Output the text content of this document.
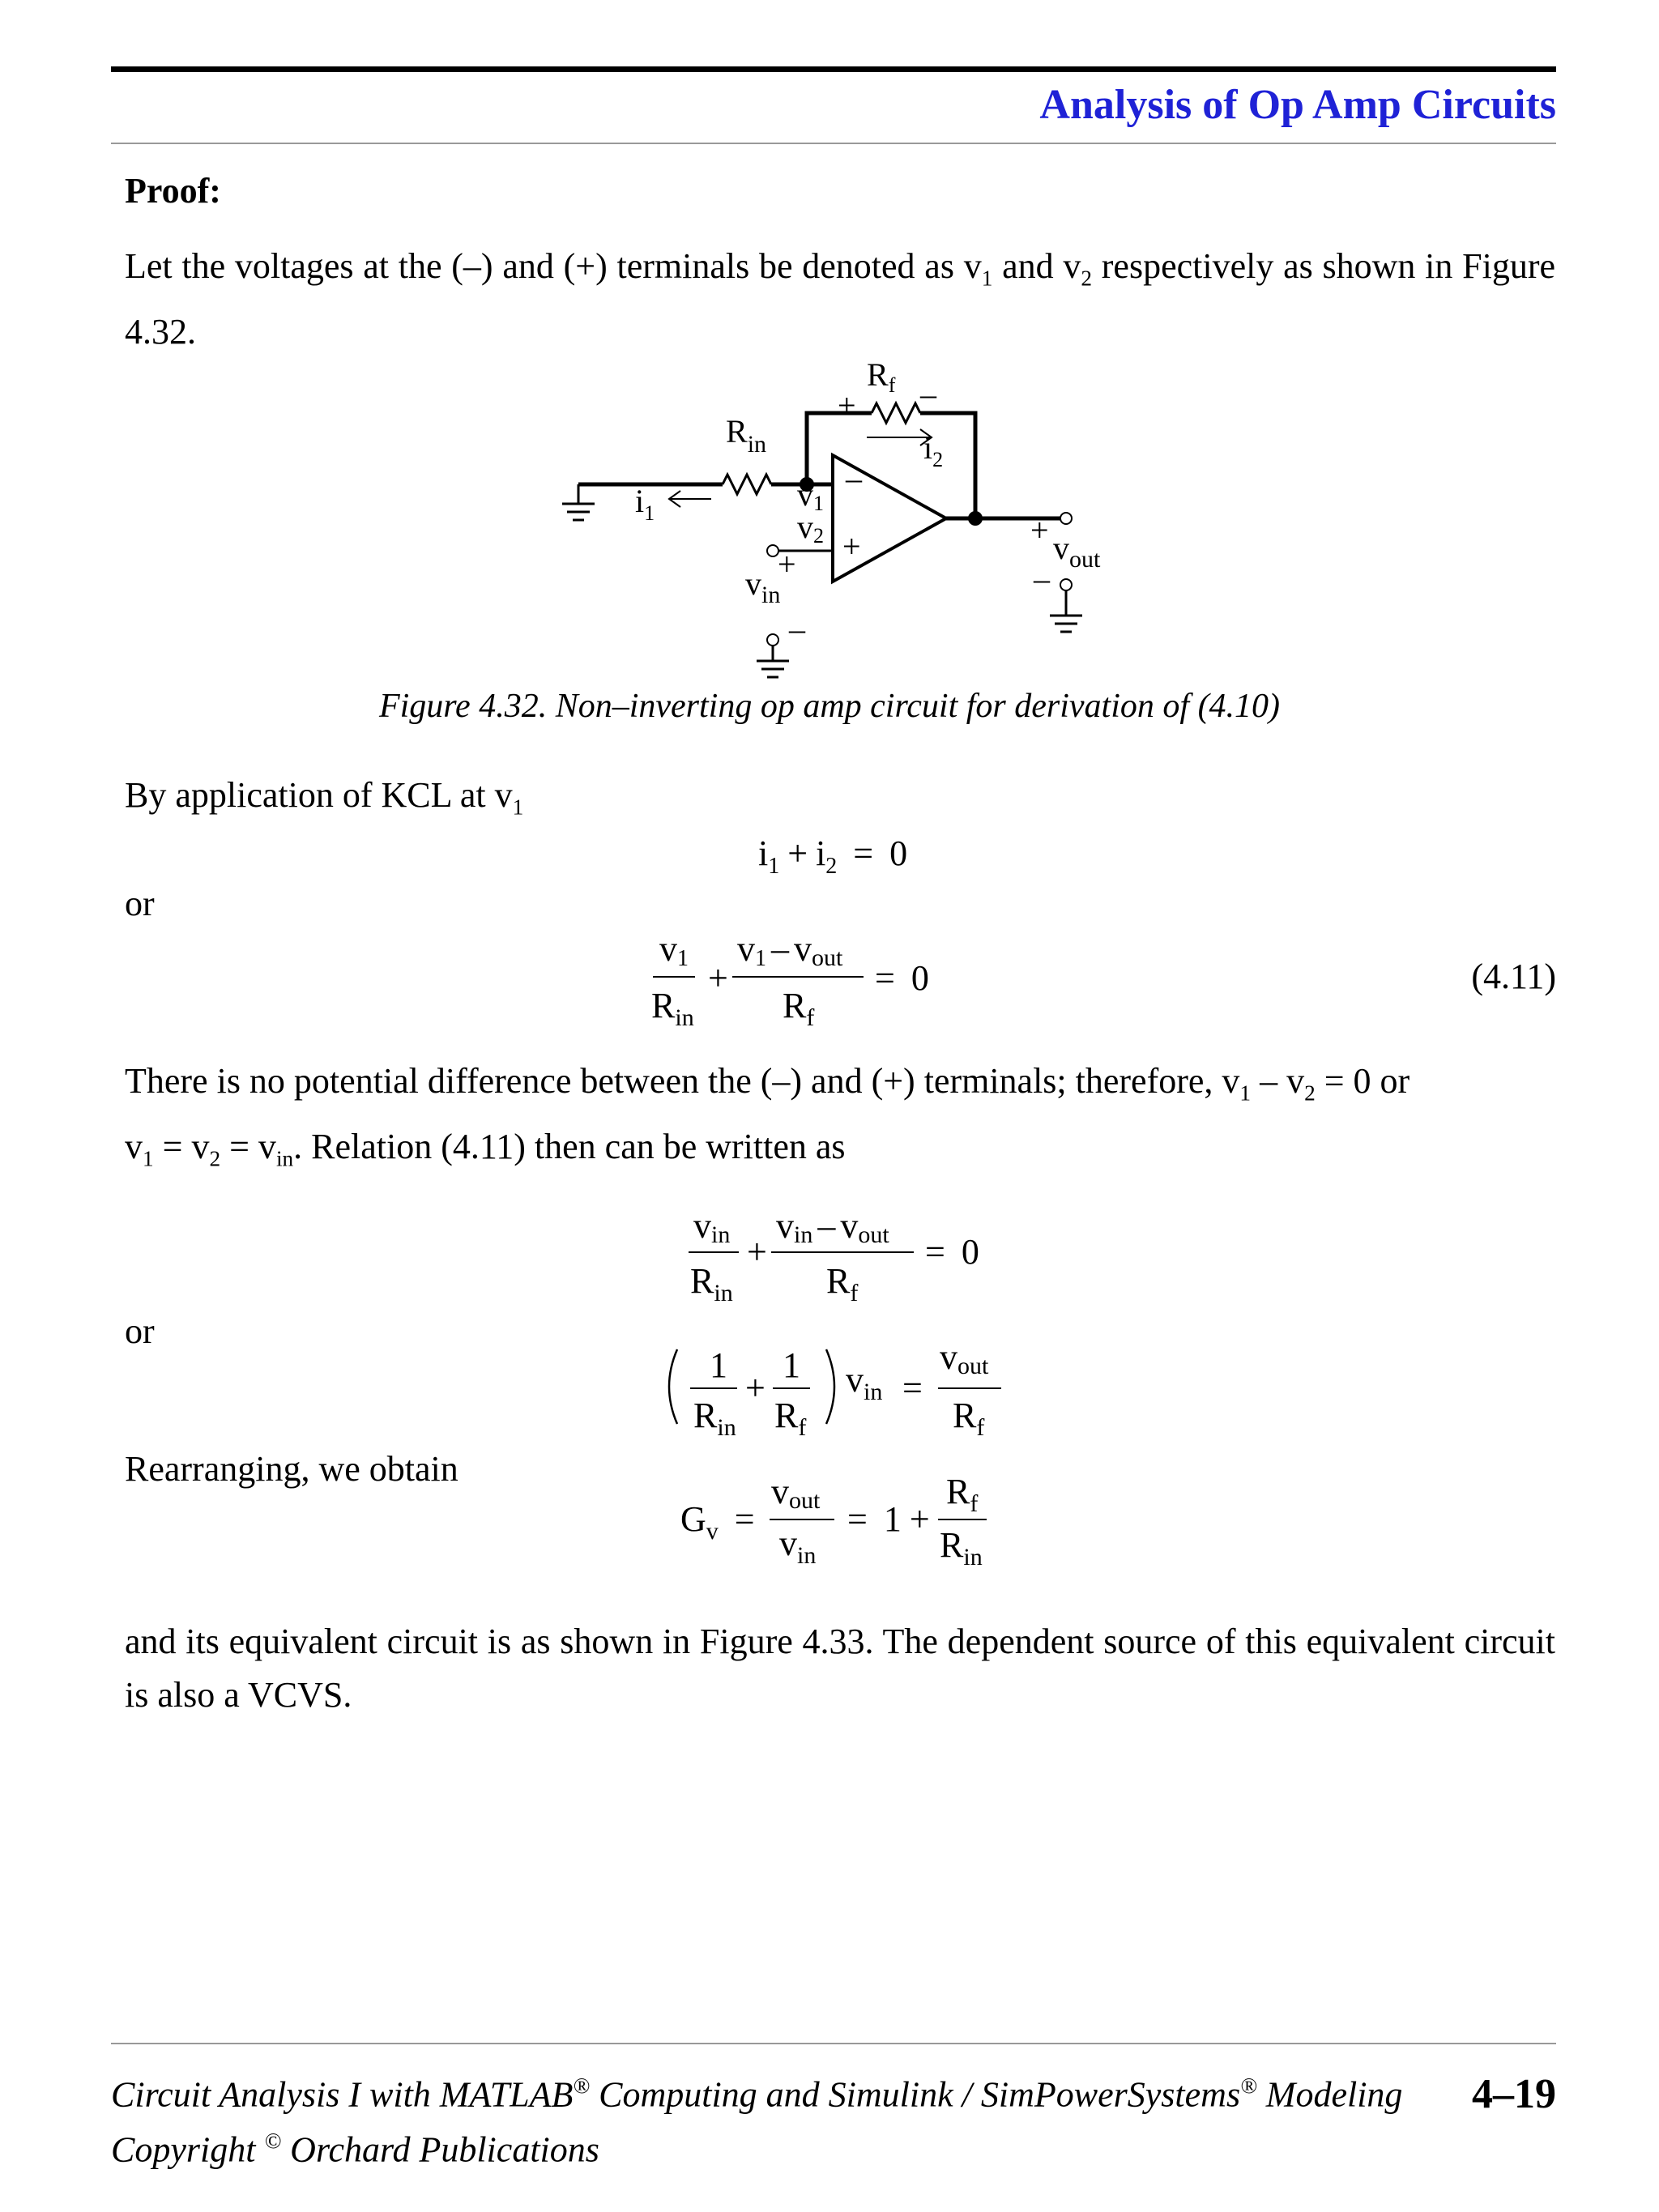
Analysis of Op Amp Circuits
Proof:
Let the voltages at the (–) and (+) terminals be denoted as $v_1$ and $v_2$ respectively as shown in Figure 4.32.
$R_f$
+ –
$R_{in}$
$i_1$
$i_2$
v1
v2
–
+
+
$v_{in}$
–
+ $v_{out}$
–
Figure 4.32. Non–inverting op amp circuit for derivation of (4.10)
By application of KCL at $v_1$
or
or
Rearranging, we obtain
(4.11)
There is no potential difference between the (–) and (+) terminals; therefore, $v_1 - v_2 = 0$ or
$v_1 = v_2 = v_{in}$. Relation (4.11) then can be written as
$i_1 + i_2 = 0$
v1
$R_{in}$
+
v1 – vout
$R_f$
= 0
vin
$R_{in}$
+
vin – vout
$R_f$
= 0
1
$R_{in}$
+
1
$R_f$
$v_{in}$ =
vout
$R_f$
$G_v$ =
vout
$v_{in}$
= 1 +
$R_f$
$R_{in}$
and its equivalent circuit is as shown in Figure 4.33. The dependent source of this equivalent circuit is also a VCVS.
Circuit Analysis I with MATLAB® Computing and Simulink / SimPowerSystems® Modeling
Copyright © Orchard Publications
4–19
